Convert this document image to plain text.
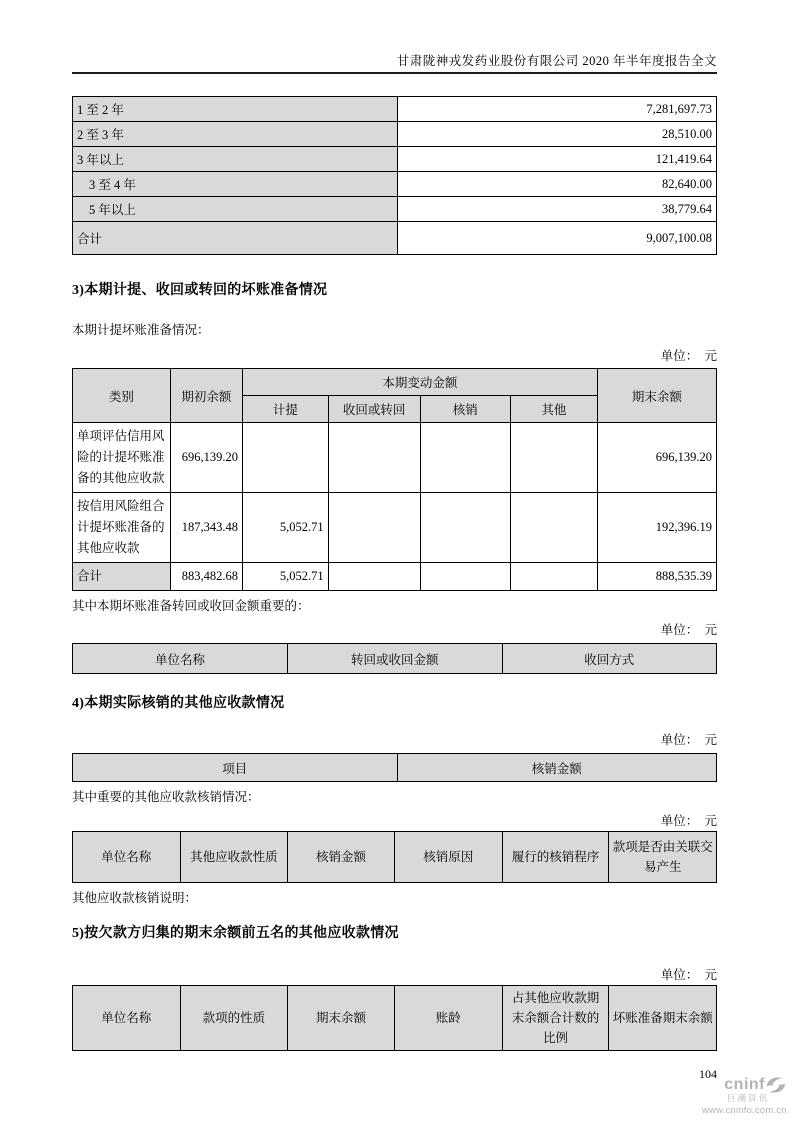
甘肃陇神戎发药业股份有限公司 2020 年半年度报告全文
1 至 2 年	7,281,697.73
2 至 3 年	28,510.00
3 年以上	121,419.64
3 至 4 年	82,640.00
5 年以上	38,779.64
合计	9,007,100.08
3)本期计提、收回或转回的坏账准备情况

本期计提坏账准备情况：

单位：　元
类别	期初余额	本期变动金额				期末余额
		计提	收回或转回	核销	其他	
单项评估信用风险的计提坏账准备的其他应收款	696,139.20					696,139.20
按信用风险组合计提坏账准备的其他应收款	187,343.48	5,052.71				192,396.19
合计	883,482.68	5,052.71				888,535.39

其中本期坏账准备转回或收回金额重要的：

单位：　元
单位名称	转回或收回金额	收回方式
4)本期实际核销的其他应收款情况
单位：　元
项目	核销金额

其中重要的其他应收款核销情况：

单位：　元
单位名称	其他应收款性质	核销金额	核销原因	履行的核销程序	款项是否由关联交易产生

其他应收款核销说明：

5)按欠款方归集的期末余额前五名的其他应收款情况
单位：　元
单位名称	款项的性质	期末余额	账龄	占其他应收款期末余额合计数的比例	坏账准备期末余额
104
cninf
巨潮资讯
www.cninfo.com.cn
